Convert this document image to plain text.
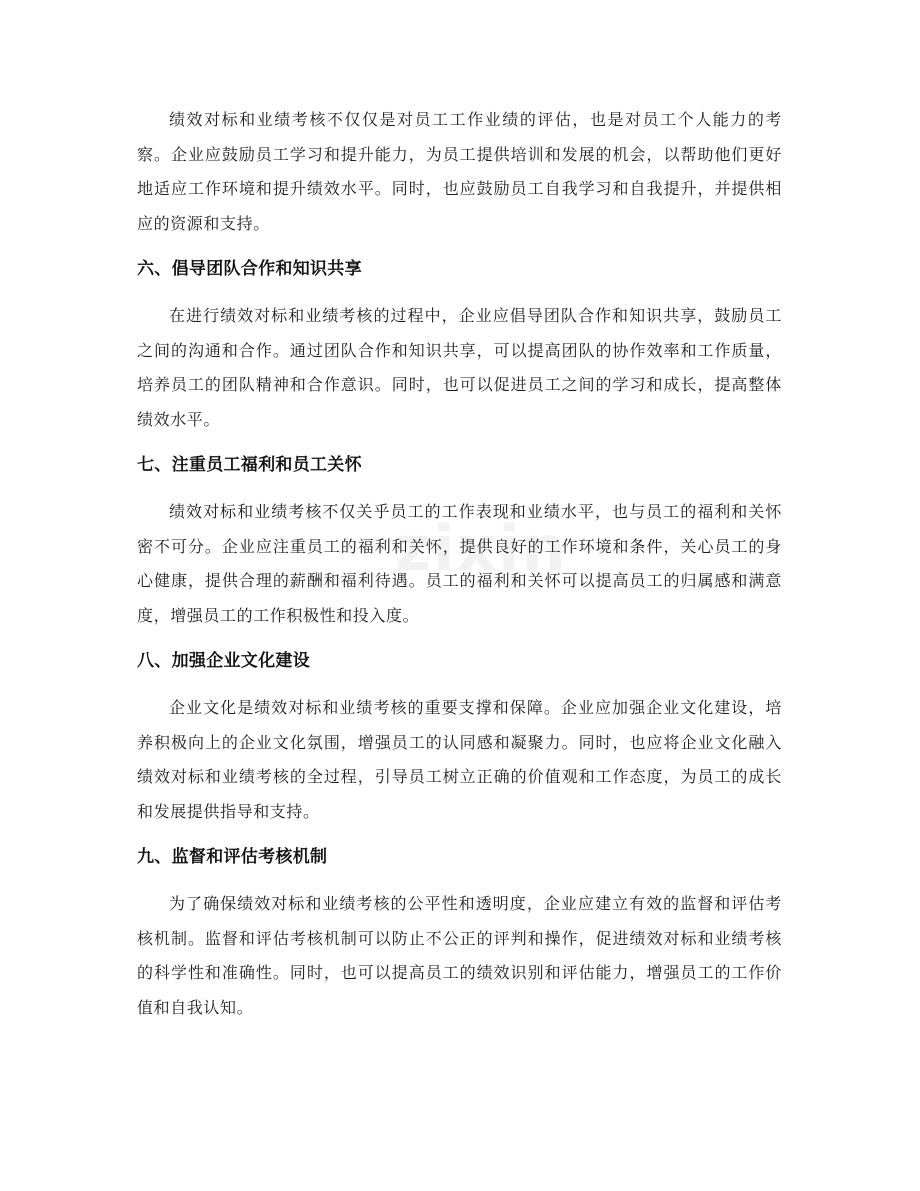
zixin

绩效对标和业绩考核不仅仅是对员工工作业绩的评估，也是对员工个人能力的考察。企业应鼓励员工学习和提升能力，为员工提供培训和发展的机会，以帮助他们更好地适应工作环境和提升绩效水平。同时，也应鼓励员工自我学习和自我提升，并提供相应的资源和支持。

六、倡导团队合作和知识共享

在进行绩效对标和业绩考核的过程中，企业应倡导团队合作和知识共享，鼓励员工之间的沟通和合作。通过团队合作和知识共享，可以提高团队的协作效率和工作质量，培养员工的团队精神和合作意识。同时，也可以促进员工之间的学习和成长，提高整体绩效水平。

七、注重员工福利和员工关怀

绩效对标和业绩考核不仅关乎员工的工作表现和业绩水平，也与员工的福利和关怀密不可分。企业应注重员工的福利和关怀，提供良好的工作环境和条件，关心员工的身心健康，提供合理的薪酬和福利待遇。员工的福利和关怀可以提高员工的归属感和满意度，增强员工的工作积极性和投入度。

八、加强企业文化建设

企业文化是绩效对标和业绩考核的重要支撑和保障。企业应加强企业文化建设，培养积极向上的企业文化氛围，增强员工的认同感和凝聚力。同时，也应将企业文化融入绩效对标和业绩考核的全过程，引导员工树立正确的价值观和工作态度，为员工的成长和发展提供指导和支持。

九、监督和评估考核机制

为了确保绩效对标和业绩考核的公平性和透明度，企业应建立有效的监督和评估考核机制。监督和评估考核机制可以防止不公正的评判和操作，促进绩效对标和业绩考核的科学性和准确性。同时，也可以提高员工的绩效识别和评估能力，增强员工的工作价值和自我认知。
